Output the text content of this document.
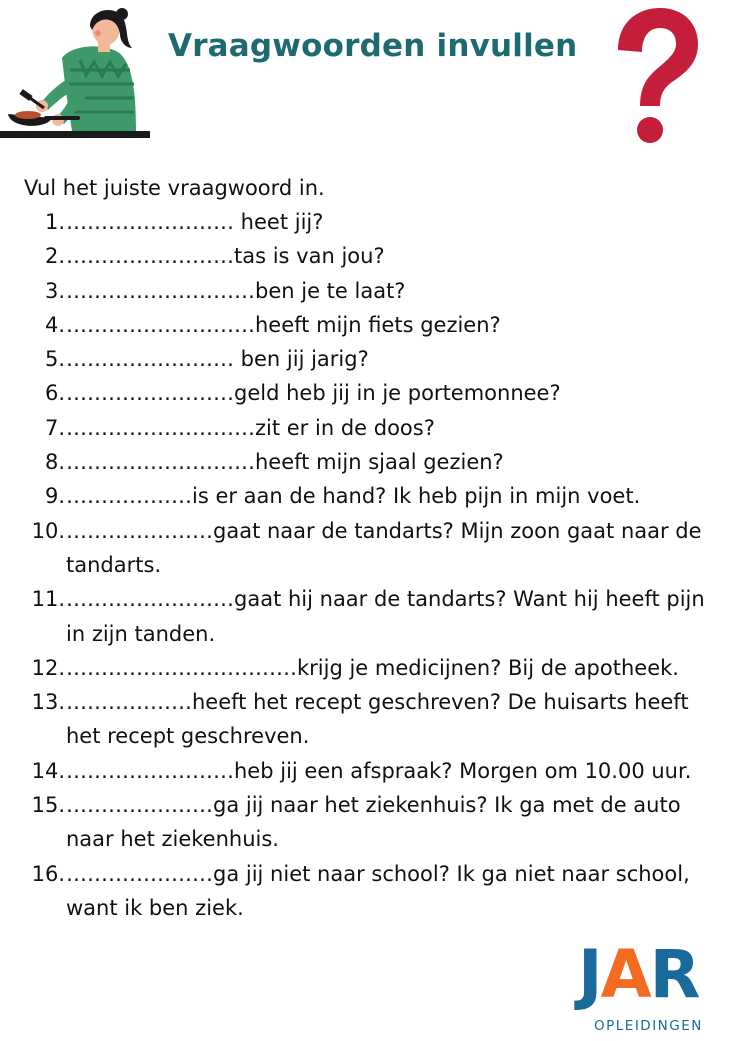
Vraagwoorden invullen
Vul het juiste vraagwoord in.
1. …………………… heet jij?
2. ……………………tas is van jou?
3. ………………………ben je te laat?
4. ………………………heeft mijn fiets gezien?
5. …………………… ben jij jarig?
6. ……………………geld heb jij in je portemonnee?
7. ………………………zit er in de doos?
8. ………………………heeft mijn sjaal gezien?
9. ………………is er aan de hand? Ik heb pijn in mijn voet.
10. …………………gaat naar de tandarts? Mijn zoon gaat naar de tandarts.
11. ……………………gaat hij naar de tandarts? Want hij heeft pijn in zijn tanden.
12. ……………………………krijg je medicijnen? Bij de apotheek.
13. ………………heeft het recept geschreven? De huisarts heeft het recept geschreven.
14. ……………………heb jij een afspraak? Morgen om 10.00 uur.
15. …………………ga jij naar het ziekenhuis? Ik ga met de auto naar het ziekenhuis.
16. …………………ga jij niet naar school? Ik ga niet naar school, want ik ben ziek.
JAR
OPLEIDINGEN
